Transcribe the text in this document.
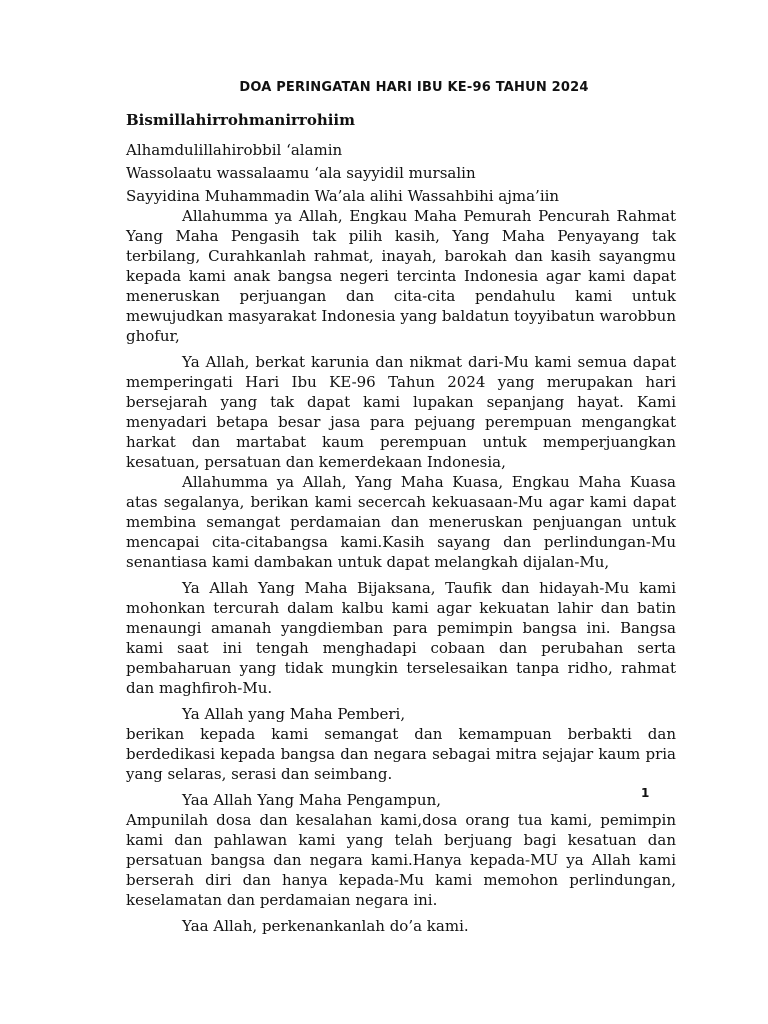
DOA PERINGATAN HARI IBU KE-96 TAHUN 2024
Bismillahirrohmanirrohiim
Alhamdulillahirobbil ‘alamin
Wassolaatu wassalaamu ‘ala sayyidil mursalin
Sayyidina Muhammadin Wa’ala alihi Wassahbihi ajma’iin

Allahumma ya Allah, Engkau Maha Pemurah Pencurah Rahmat Yang Maha Pengasih tak pilih kasih, Yang Maha Penyayang tak terbilang, Curahkanlah rahmat, inayah, barokah dan kasih sayangmu kepada kami anak bangsa negeri tercinta Indonesia agar kami dapat meneruskan perjuangan dan cita-cita pendahulu kami untuk mewujudkan masyarakat Indonesia yang baldatun toyyibatun warobbun ghofur,

Ya Allah, berkat karunia dan nikmat dari-Mu kami semua dapat memperingati Hari Ibu KE-96 Tahun 2024 yang merupakan hari bersejarah yang tak dapat kami lupakan sepanjang hayat. Kami menyadari betapa besar jasa para pejuang perempuan mengangkat harkat dan martabat kaum perempuan untuk memperjuangkan kesatuan, persatuan dan kemerdekaan Indonesia,

Allahumma ya Allah, Yang Maha Kuasa, Engkau Maha Kuasa atas segalanya, berikan kami secercah kekuasaan-Mu agar kami dapat membina semangat perdamaian dan meneruskan penjuangan untuk mencapai cita-citabangsa kami.Kasih sayang dan perlindungan-Mu senantiasa kami dambakan untuk dapat melangkah dijalan-Mu,

Ya Allah Yang Maha Bijaksana, Taufik dan hidayah-Mu kami mohonkan tercurah dalam kalbu kami agar kekuatan lahir dan batin menaungi amanah yangdiemban para pemimpin bangsa ini. Bangsa kami saat ini tengah menghadapi cobaan dan perubahan serta pembaharuan yang tidak mungkin terselesaikan tanpa ridho, rahmat dan maghfiroh-Mu.

Ya Allah yang Maha Pemberi,

berikan kepada kami semangat dan kemampuan berbakti dan berdedikasi kepada bangsa dan negara sebagai mitra sejajar kaum pria yang selaras, serasi dan seimbang.

Yaa Allah Yang Maha Pengampun,

Ampunilah dosa dan kesalahan kami,dosa orang tua kami, pemimpin kami dan pahlawan kami yang telah berjuang bagi kesatuan dan persatuan bangsa dan negara kami.Hanya kepada-MU ya Allah kami berserah diri dan hanya kepada-Mu kami memohon perlindungan, keselamatan dan perdamaian negara ini.

Yaa Allah, perkenankanlah do’a kami.

1
